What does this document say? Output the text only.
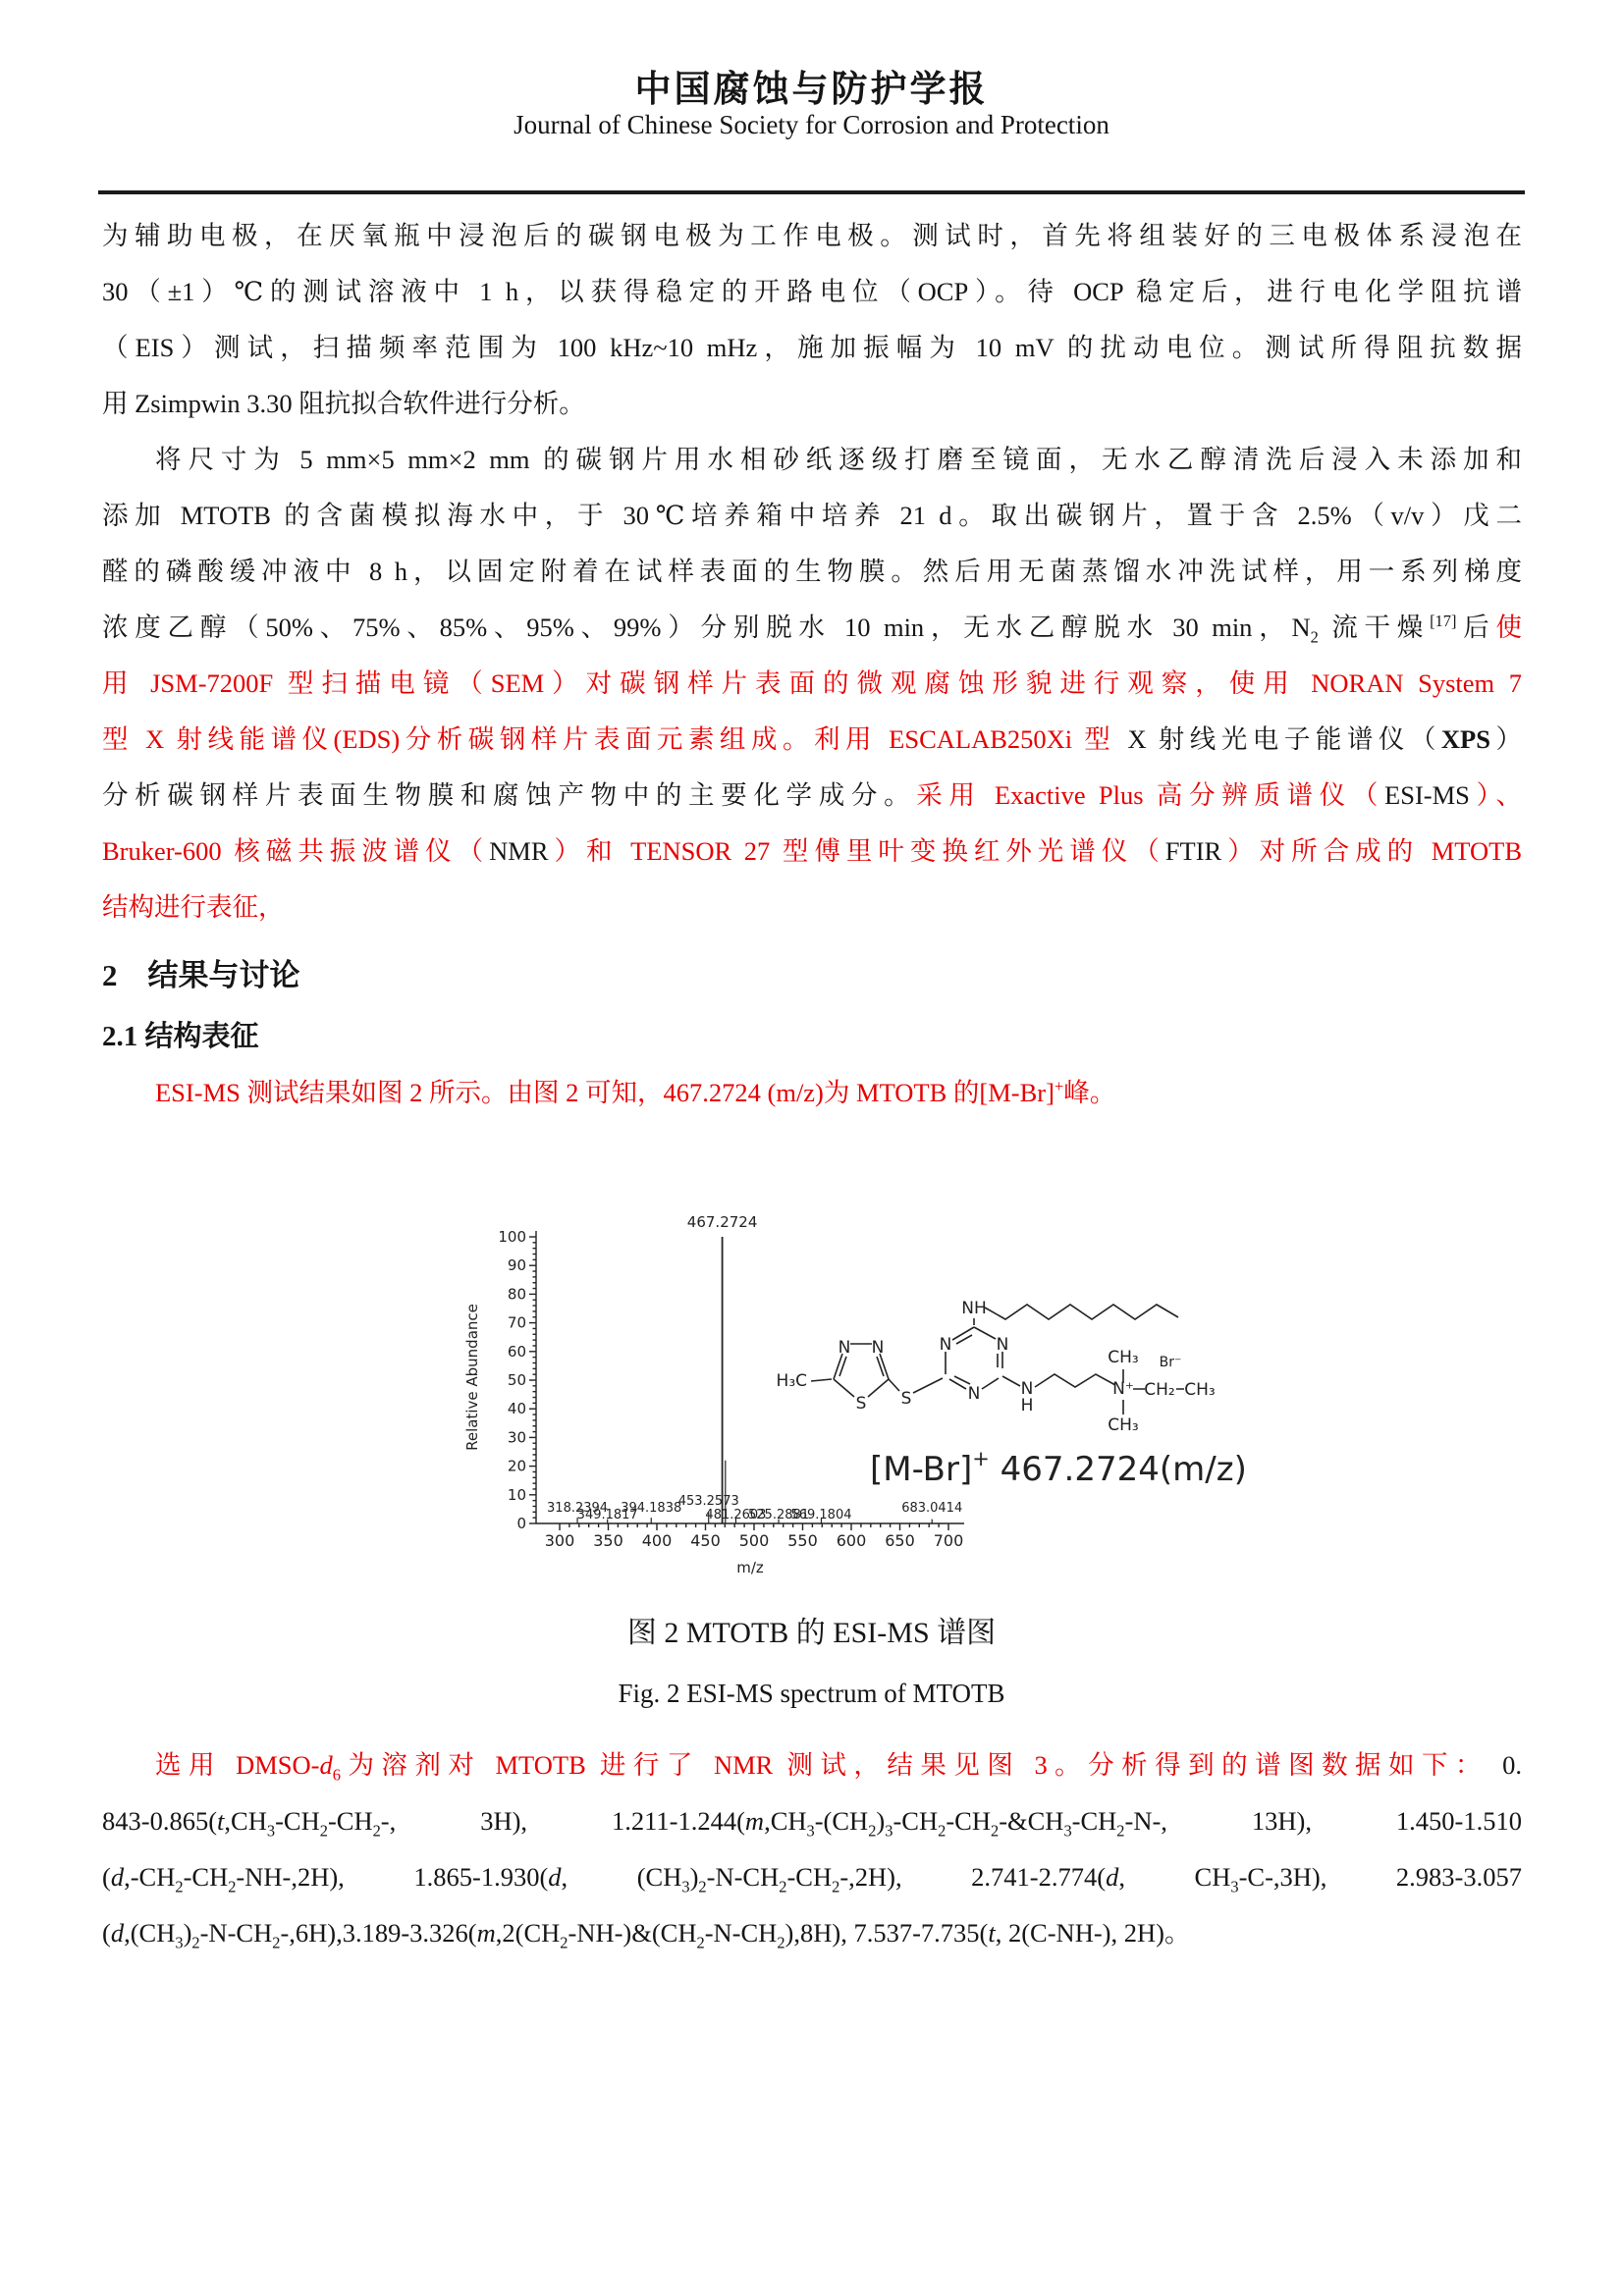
中国腐蚀与防护学报
Journal of Chinese Society for Corrosion and Protection
为辅助电极，在厌氧瓶中浸泡后的碳钢电极为工作电极。测试时，首先将组装好的三电极体系浸泡在
30（±1）℃的测试溶液中 1 h，以获得稳定的开路电位（OCP）。待 OCP 稳定后，进行电化学阻抗谱
（EIS）测试，扫描频率范围为 100 kHz~10 mHz，施加振幅为 10 mV 的扰动电位。测试所得阻抗数据
用 Zsimpwin 3.30 阻抗拟合软件进行分析。
将尺寸为 5 mm×5 mm×2 mm 的碳钢片用水相砂纸逐级打磨至镜面，无水乙醇清洗后浸入未添加和
添加 MTOTB 的含菌模拟海水中，于 30℃培养箱中培养 21 d。取出碳钢片，置于含 2.5%（v/v）戊二
醛的磷酸缓冲液中 8 h，以固定附着在试样表面的生物膜。然后用无菌蒸馏水冲洗试样，用一系列梯度
浓度乙醇（50%、75%、85%、95%、99%）分别脱水 10 min，无水乙醇脱水 30 min，$N_2$ 流干燥[17]后使
用 JSM-7200F 型扫描电镜（SEM）对碳钢样片表面的微观腐蚀形貌进行观察，使用 NORAN System 7
型 X 射线能谱仪(EDS)分析碳钢样片表面元素组成。利用 ESCALAB250Xi 型 X 射线光电子能谱仪（XPS）
分析碳钢样片表面生物膜和腐蚀产物中的主要化学成分。采用 Exactive Plus 高分辨质谱仪（ESI-MS）、
Bruker-600 核磁共振波谱仪（NMR）和 TENSOR 27 型傅里叶变换红外光谱仪（FTIR）对所合成的 MTOTB
结构进行表征，
2　结果与讨论
2.1 结构表征
ESI-MS 测试结果如图 2 所示。由图 2 可知，467.2724 (m/z)为 MTOTB 的[M-Br]+峰。
318.2394
349.1817
394.1838
453.2573
481.2603
525.2881
569.1804	683.0414
0
10
20
30
40
50
60
70
80
90
100
300 350 400 450 500 550 600 650 700
Relative Abundance
m/z
467.2724
N N
S
H₃C
S
N	N
N
NH
N
H
N⁺
CH₃
CH₃
CH₂ CH₃
Br⁻
[M-Br]+ 467.2724(m/z)
图 2 MTOTB 的 ESI-MS 谱图
Fig. 2 ESI-MS spectrum of MTOTB
选用 DMSO-$d_6$为溶剂对 MTOTB 进行了 NMR 测试，结果见图 3。分析得到的谱图数据如下： 0.
$843-0.865(t,CH_3-CH_2-CH_2-$, 3H), $1.211-1.244(m,CH_3-(CH_2)_3-CH_2-CH_2-\&CH_3-CH_2-N-$, 13H), 1.450-1.510
$(d,-CH_2-CH_2-NH-,2H)$, 1.865-1.930(d, $(CH_3)_2-N-CH_2-CH_2-,2H$), 2.741-2.774(d, $CH_3-C-,3H$), 2.983-3.057
$(d,(CH_3)_2-N-CH_2-,6H),3.189-3.326(m,2(CH_2-NH-)\&(CH_2-N-CH_2),8H)$, 7.537-7.735(t, 2(C-NH-), 2H)。
